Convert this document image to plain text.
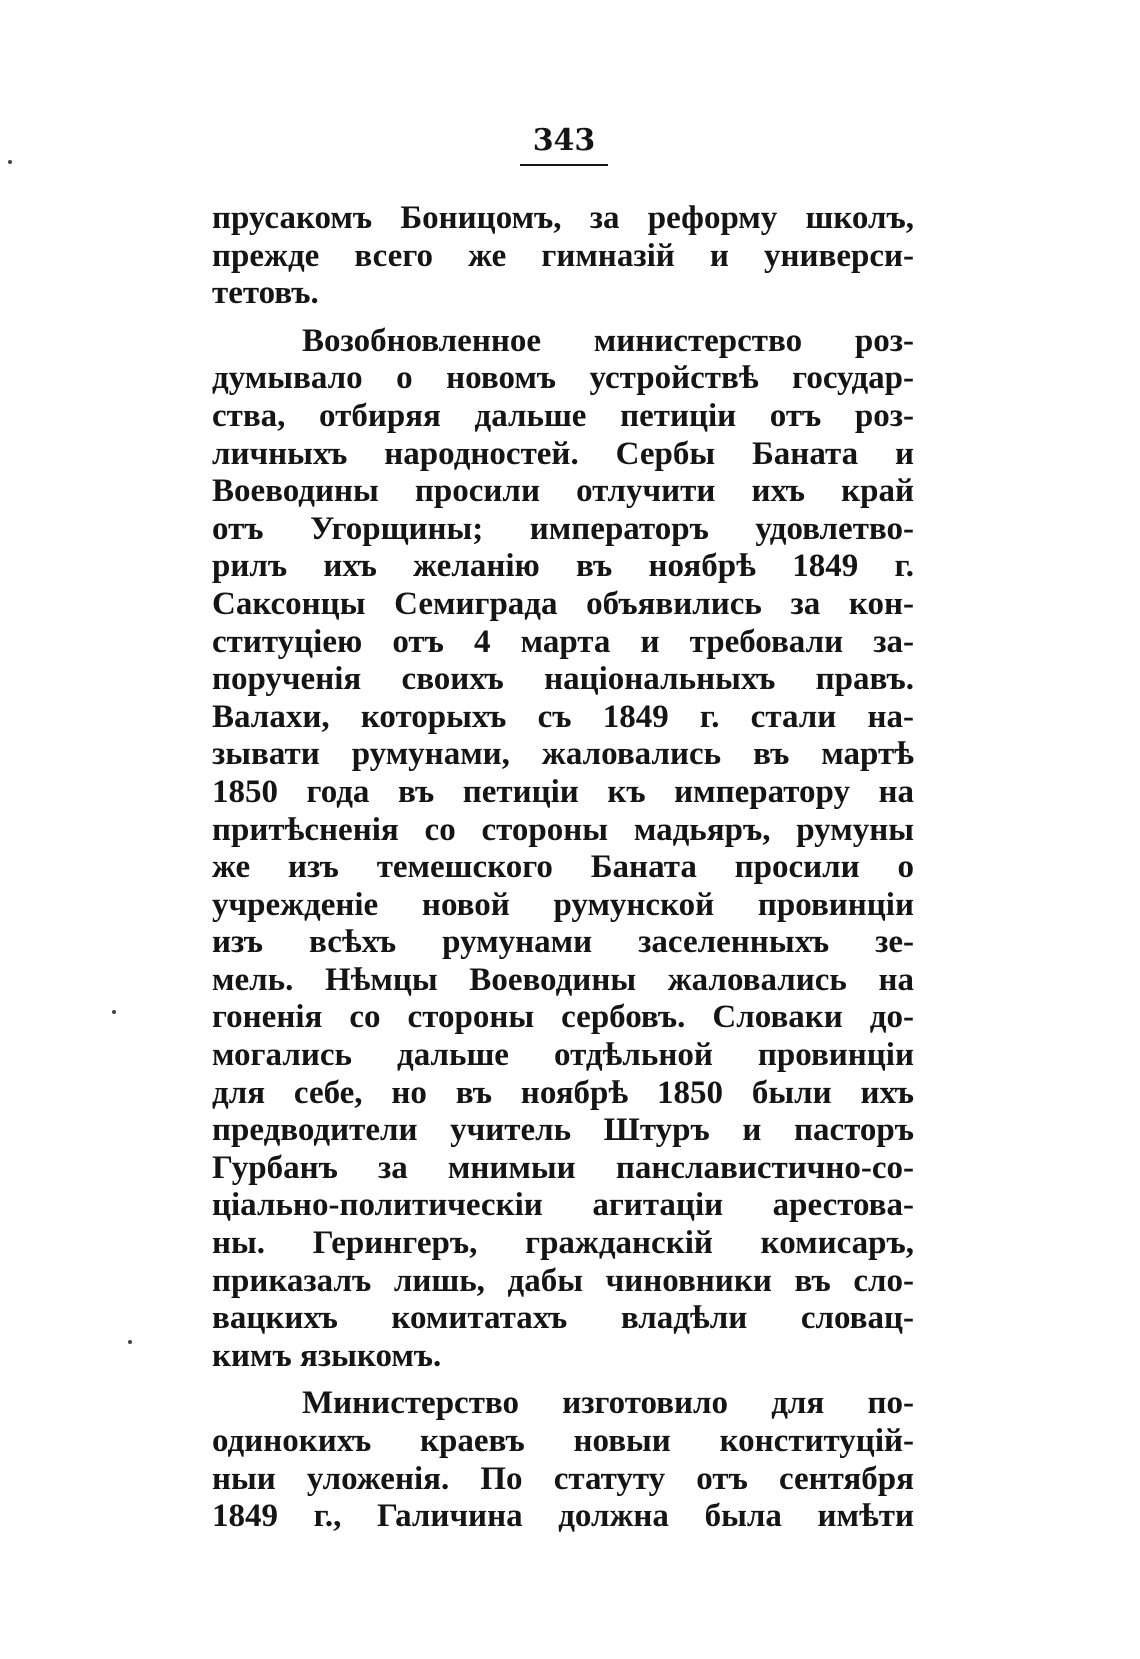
343
прусакомъ Боницомъ, за реформу школъ,
прежде всего же гимназій и универси-
тетовъ.
Возобновленное министерство роз-
думывало о новомъ устройствѣ государ-
ства, отбиряя дальше петиціи отъ роз-
личныхъ народностей. Сербы Баната и
Воеводины просили отлучити ихъ край
отъ Угорщины; императоръ удовлетво-
рилъ ихъ желанію въ ноябрѣ 1849 г.
Саксонцы Семиграда объявились за кон-
ституціею отъ 4 марта и требовали за-
порученія своихъ національныхъ правъ.
Валахи, которыхъ съ 1849 г. стали на-
зывати румунами, жаловались въ мартѣ
1850 года въ петиціи къ императору на
притѣсненія со стороны мадьяръ, румуны
же изъ темешского Баната просили о
учрежденіе новой румунской провинціи
изъ всѣхъ румунами заселенныхъ зе-
мель. Нѣмцы Воеводины жаловались на
гоненія со стороны сербовъ. Словаки до-
могались дальше отдѣльной провинціи
для себе, но въ ноябрѣ 1850 были ихъ
предводители учитель Штуръ и пасторъ
Гурбанъ за мнимыи панславистично-со-
ціально-политическіи агитаціи арестова-
ны. Герингеръ, гражданскій комисаръ,
приказалъ лишь, дабы чиновники въ сло-
вацкихъ комитатахъ владѣли словац-
кимъ языкомъ.
Министерство изготовило для по-
одинокихъ краевъ новыи конституцій-
ныи уложенія. По статуту отъ сентября
1849 г., Галичина должна была имѣти
